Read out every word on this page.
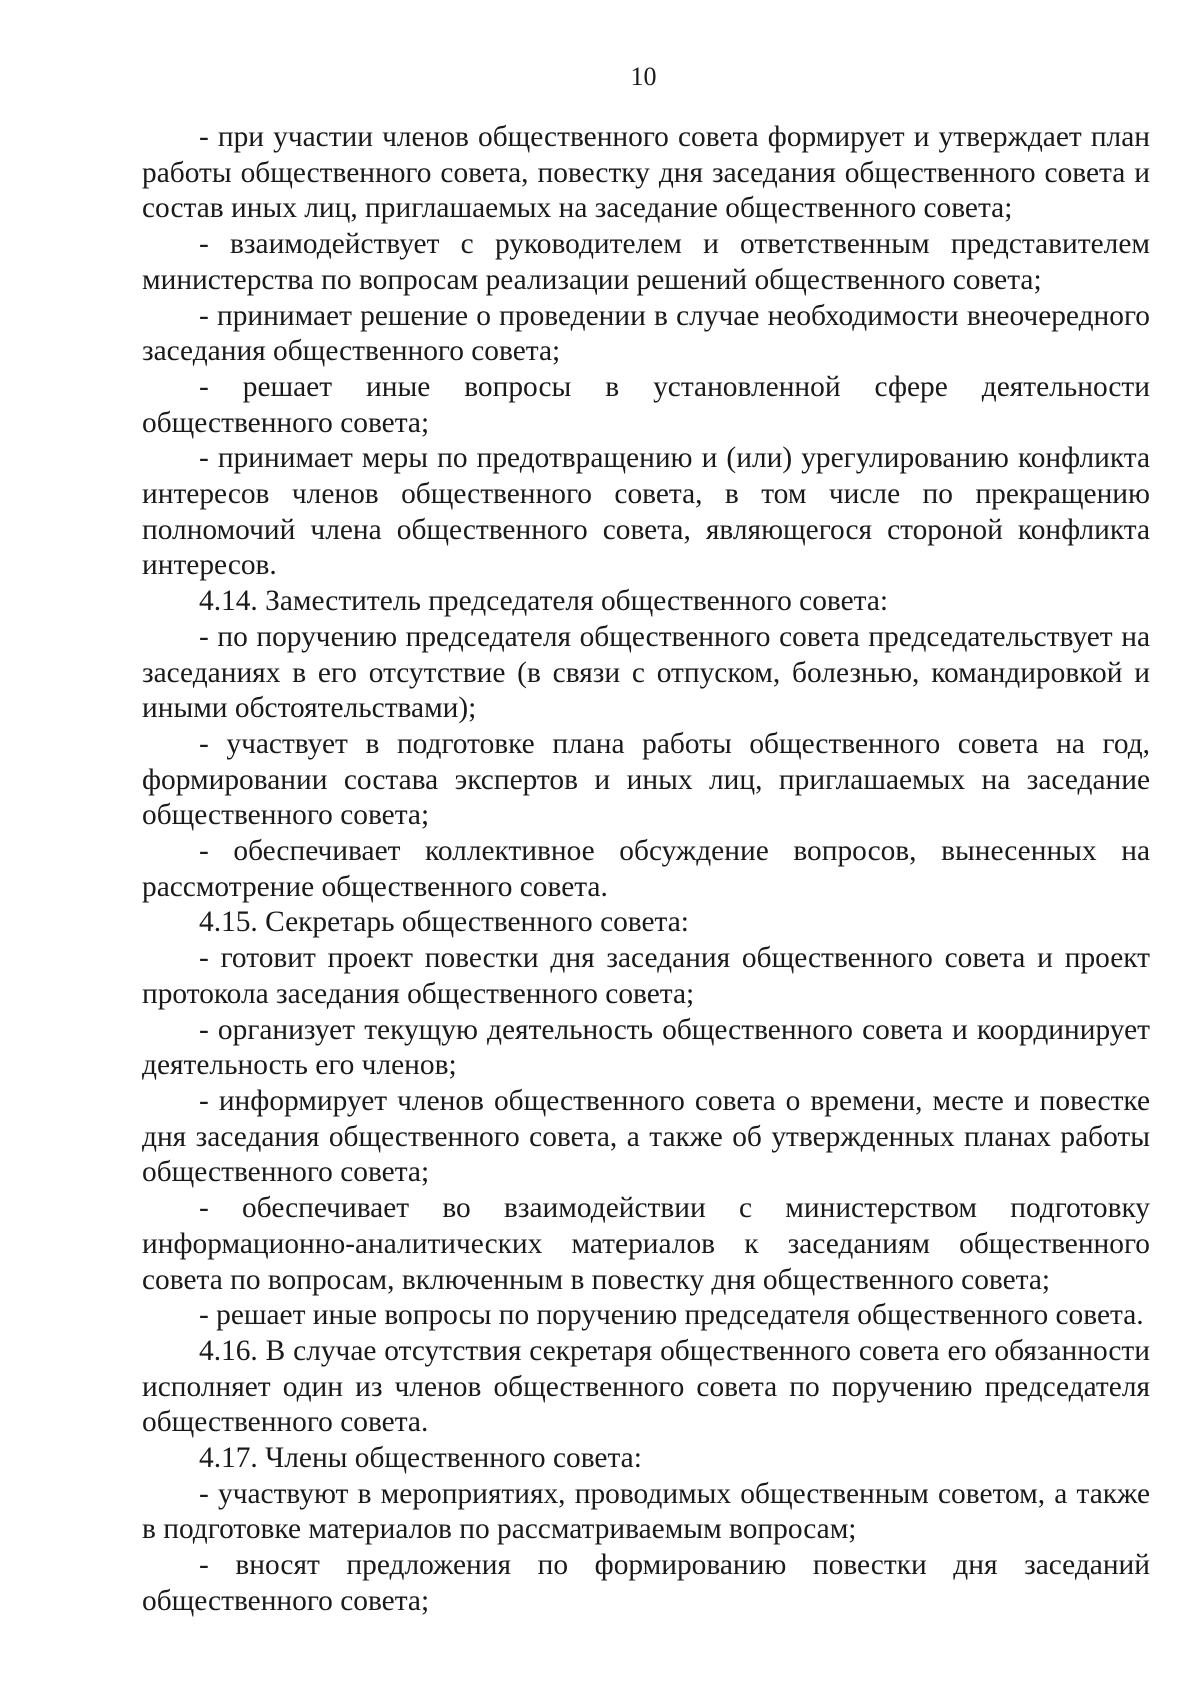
10

- при участии членов общественного совета формирует и утверждает план работы общественного совета, повестку дня заседания общественного совета и состав иных лиц, приглашаемых на заседание общественного совета;

- взаимодействует с руководителем и ответственным представителем министерства по вопросам реализации решений общественного совета;

- принимает решение о проведении в случае необходимости внеочередного заседания общественного совета;

- решает иные вопросы в установленной сфере деятельности общественного совета;

- принимает меры по предотвращению и (или) урегулированию конфликта интересов членов общественного совета, в том числе по прекращению полномочий члена общественного совета, являющегося стороной конфликта интересов.

4.14. Заместитель председателя общественного совета:

- по поручению председателя общественного совета председательствует на заседаниях в его отсутствие (в связи с отпуском, болезнью, командировкой и иными обстоятельствами);

- участвует в подготовке плана работы общественного совета на год, формировании состава экспертов и иных лиц, приглашаемых на заседание общественного совета;

- обеспечивает коллективное обсуждение вопросов, вынесенных на рассмотрение общественного совета.

4.15. Секретарь общественного совета:

- готовит проект повестки дня заседания общественного совета и проект протокола заседания общественного совета;

- организует текущую деятельность общественного совета и координирует деятельность его членов;

- информирует членов общественного совета о времени, месте и повестке дня заседания общественного совета, а также об утвержденных планах работы общественного совета;

- обеспечивает во взаимодействии с министерством подготовку информационно-аналитических материалов к заседаниям общественного совета по вопросам, включенным в повестку дня общественного совета;

- решает иные вопросы по поручению председателя общественного совета.

4.16. В случае отсутствия секретаря общественного совета его обязанности исполняет один из членов общественного совета по поручению председателя общественного совета.

4.17. Члены общественного совета:

- участвуют в мероприятиях, проводимых общественным советом, а также в подготовке материалов по рассматриваемым вопросам;

- вносят предложения по формированию повестки дня заседаний общественного совета;
